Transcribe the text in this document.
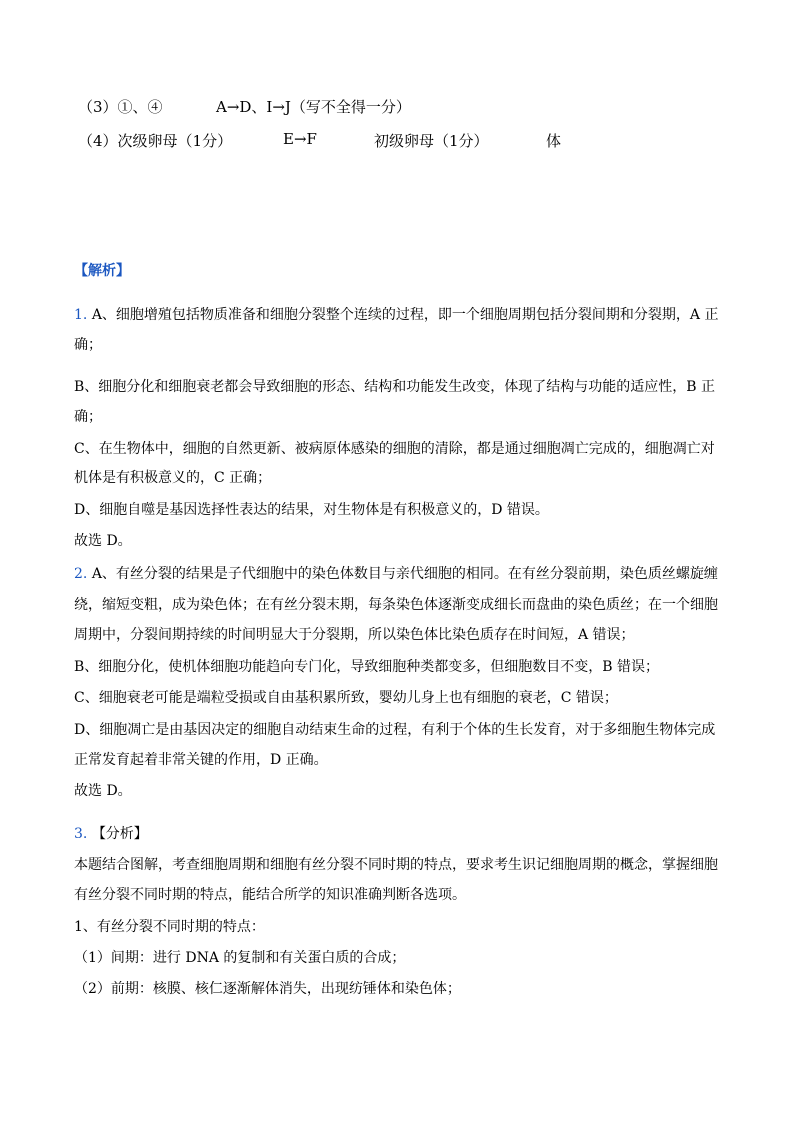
（3）①、④	A→D、I→J（写不全得一分）
（4）次级卵母（1分）	E→F	初级卵母（1分）	体
【解析】
1. A、细胞增殖包括物质准备和细胞分裂整个连续的过程，即一个细胞周期包括分裂间期和分裂期，A 正
确；
B、细胞分化和细胞衰老都会导致细胞的形态、结构和功能发生改变，体现了结构与功能的适应性，B 正
确；
C、在生物体中，细胞的自然更新、被病原体感染的细胞的清除，都是通过细胞凋亡完成的，细胞凋亡对
机体是有积极意义的，C 正确；
D、细胞自噬是基因选择性表达的结果，对生物体是有积极意义的，D 错误。
故选 D。
2. A、有丝分裂的结果是子代细胞中的染色体数目与亲代细胞的相同。在有丝分裂前期，染色质丝螺旋缠
绕，缩短变粗，成为染色体；在有丝分裂末期，每条染色体逐渐变成细长而盘曲的染色质丝；在一个细胞
周期中，分裂间期持续的时间明显大于分裂期，所以染色体比染色质存在时间短，A 错误；
B、细胞分化，使机体细胞功能趋向专门化，导致细胞种类都变多，但细胞数目不变，B 错误；
C、细胞衰老可能是端粒受损或自由基积累所致，婴幼儿身上也有细胞的衰老，C 错误；
D、细胞凋亡是由基因决定的细胞自动结束生命的过程，有利于个体的生长发育，对于多细胞生物体完成
正常发育起着非常关键的作用，D 正确。
故选 D。
3. 【分析】
本题结合图解，考查细胞周期和细胞有丝分裂不同时期的特点，要求考生识记细胞周期的概念，掌握细胞
有丝分裂不同时期的特点，能结合所学的知识准确判断各选项。
1、有丝分裂不同时期的特点：
（1）间期：进行 DNA 的复制和有关蛋白质的合成；
（2）前期：核膜、核仁逐渐解体消失，出现纺锤体和染色体；
